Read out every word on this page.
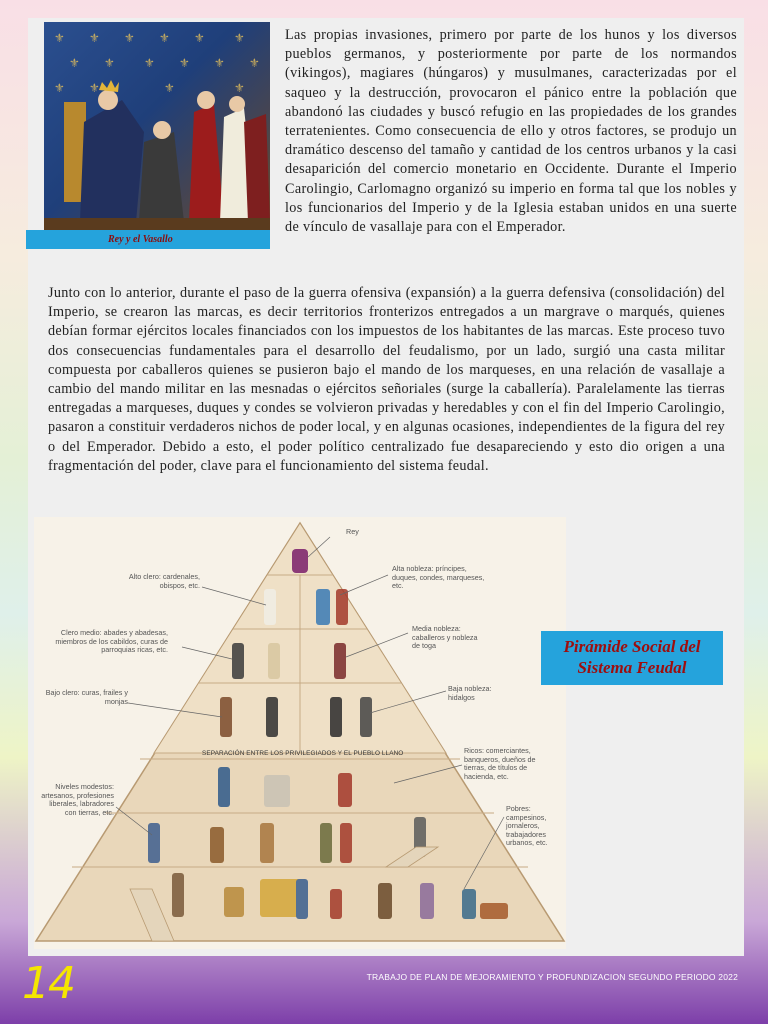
⚜ ⚜ ⚜ ⚜ ⚜ ⚜
⚜ ⚜ ⚜ ⚜ ⚜ ⚜
⚜ ⚜	⚜	⚜
Rey y el Vasallo

Las propias invasiones, primero por parte de los hunos y los diversos pueblos germanos, y posteriormente por parte de los normandos (vikingos), magiares (húngaros) y musulmanes, caracterizadas por el saqueo y la destrucción, provocaron el pánico entre la población que abandonó las ciudades y buscó refugio en las propiedades de los grandes terratenientes. Como consecuencia de ello y otros factores, se produjo un dramático descenso del tamaño y cantidad de los centros urbanos y la casi desaparición del comercio monetario en Occidente. Durante el Imperio Carolingio, Carlomagno organizó su imperio en forma tal que los nobles y los funcionarios del Imperio y de la Iglesia estaban unidos en una suerte de vínculo de vasallaje para con el Emperador.

Junto con lo anterior, durante el paso de la guerra ofensiva (expansión) a la guerra defensiva (consolidación) del Imperio, se crearon las marcas, es decir territorios fronterizos entregados a un margrave o marqués, quienes debían formar ejércitos locales financiados con los impuestos de los habitantes de las marcas. Este proceso tuvo dos consecuencias fundamentales para el desarrollo del feudalismo, por un lado, surgió una casta militar compuesta por caballeros quienes se pusieron bajo el mando de los marqueses, en una relación de vasallaje a cambio del mando militar en las mesnadas o ejércitos señoriales (surge la caballería). Paralelamente las tierras entregadas a marqueses, duques y condes se volvieron privadas y heredables y con el fin del Imperio Carolingio, pasaron a constituir verdaderos nichos de poder local, y en algunas ocasiones, independientes de la figura del rey o del Emperador. Debido a esto, el poder político centralizado fue desapareciendo y esto dio origen a una fragmentación del poder, clave para el funcionamiento del sistema feudal.

Rey
Alto clero: cardenales, obispos, etc.
Alta nobleza: príncipes, duques, condes, marqueses, etc.
Clero medio: abades y abadesas, miembros de los cabildos, curas de parroquias ricas, etc.
Media nobleza: caballeros y nobleza de toga
Bajo clero: curas, frailes y monjas
Baja nobleza: hidalgos
SEPARACIÓN ENTRE LOS PRIVILEGIADOS Y EL PUEBLO LLANO	Ricos: comerciantes, banqueros, dueños de tierras, de títulos de hacienda, etc.
Niveles modestos: artesanos, profesiones liberales, labradores con tierras, etc.	Pobres: campesinos, jornaleros, trabajadores urbanos, etc.
Pirámide Social del
Sistema Feudal
14	TRABAJO DE PLAN DE MEJORAMIENTO Y PROFUNDIZACION SEGUNDO PERIODO 2022
